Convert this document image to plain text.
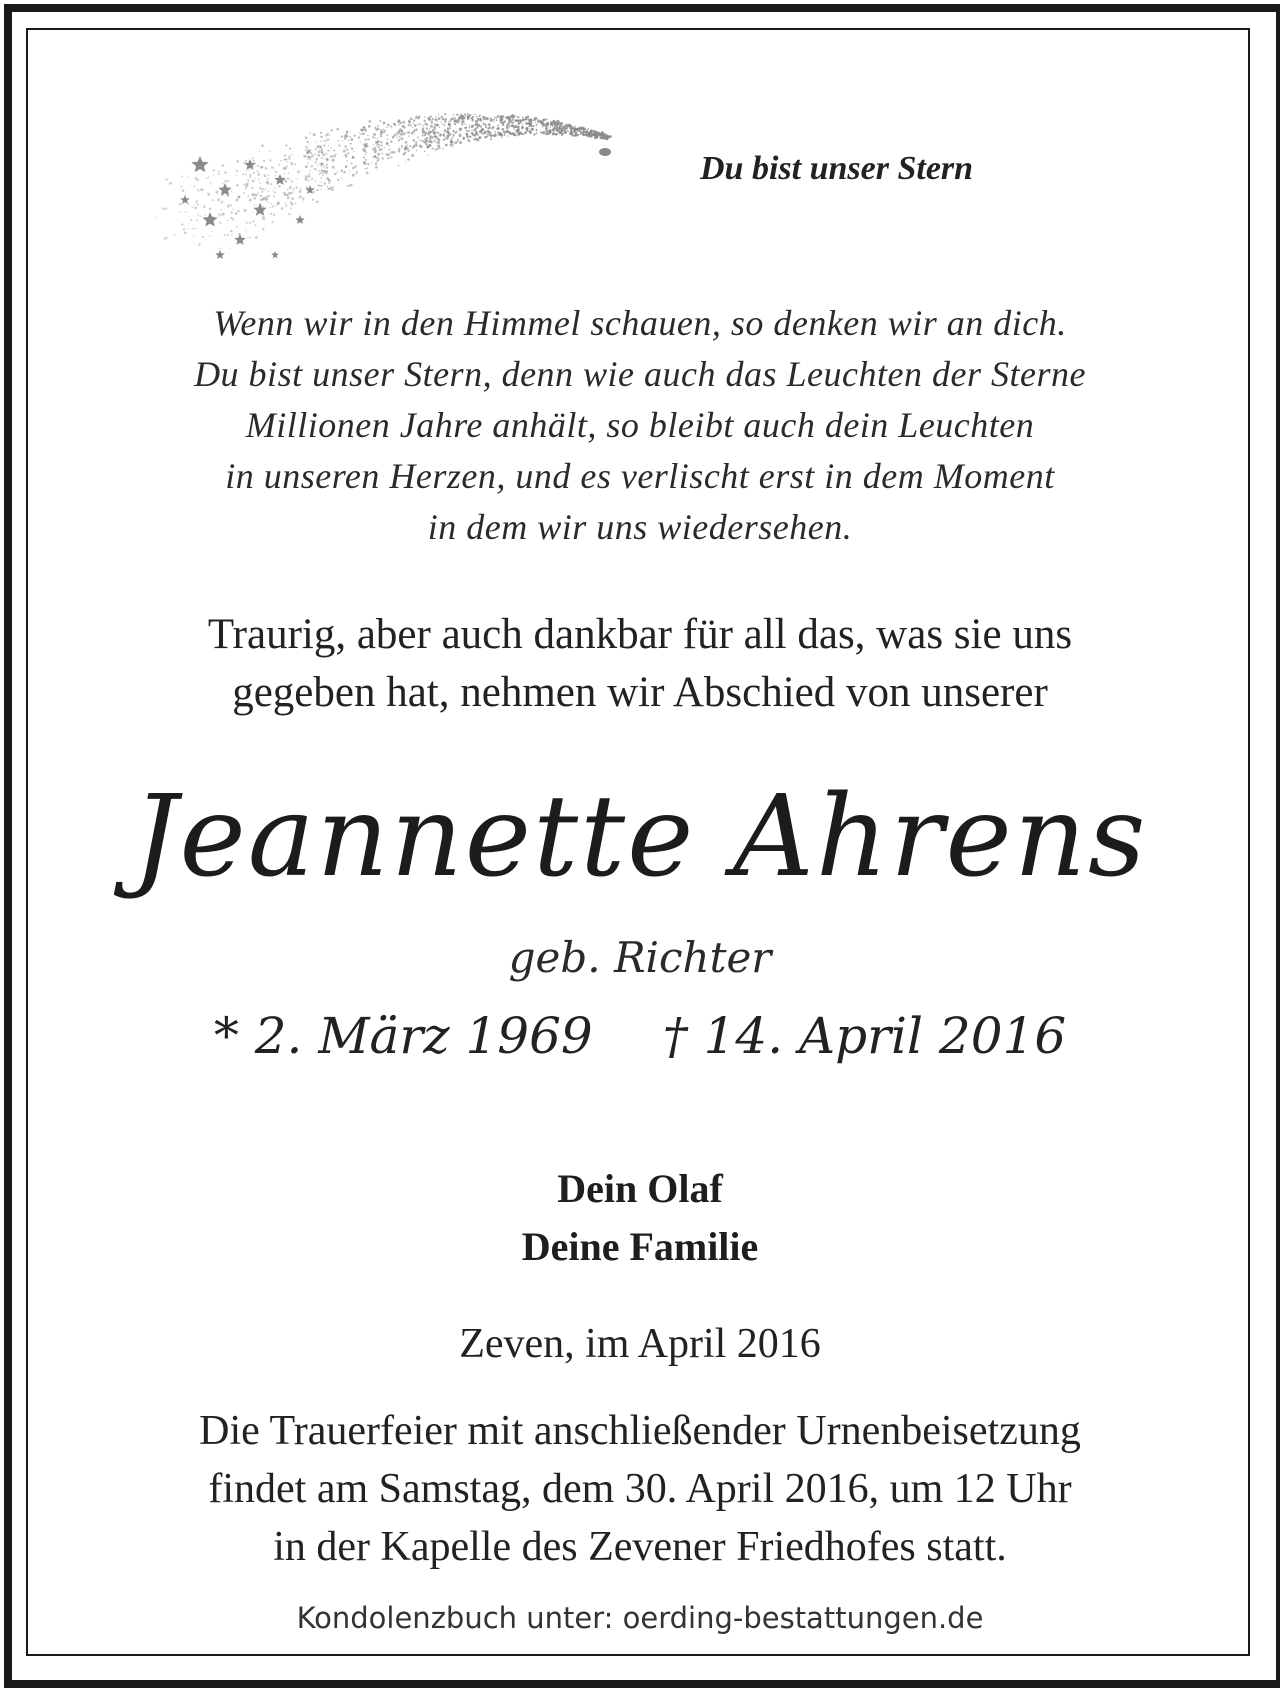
Du bist unser Stern
Wenn wir in den Himmel schauen, so denken wir an dich.
Du bist unser Stern, denn wie auch das Leuchten der Sterne
Millionen Jahre anhält, so bleibt auch dein Leuchten
in unseren Herzen, und es verlischt erst in dem Moment
in dem wir uns wiedersehen.
Traurig, aber auch dankbar für all das, was sie uns
gegeben hat, nehmen wir Abschied von unserer
Jeannette Ahrens
geb. Richter
* 2. März 1969 † 14. April 2016
Dein Olaf
Deine Familie
Zeven, im April 2016
Die Trauerfeier mit anschließender Urnenbeisetzung
findet am Samstag, dem 30. April 2016, um 12 Uhr
in der Kapelle des Zevener Friedhofes statt.
Kondolenzbuch unter: oerding-bestattungen.de
